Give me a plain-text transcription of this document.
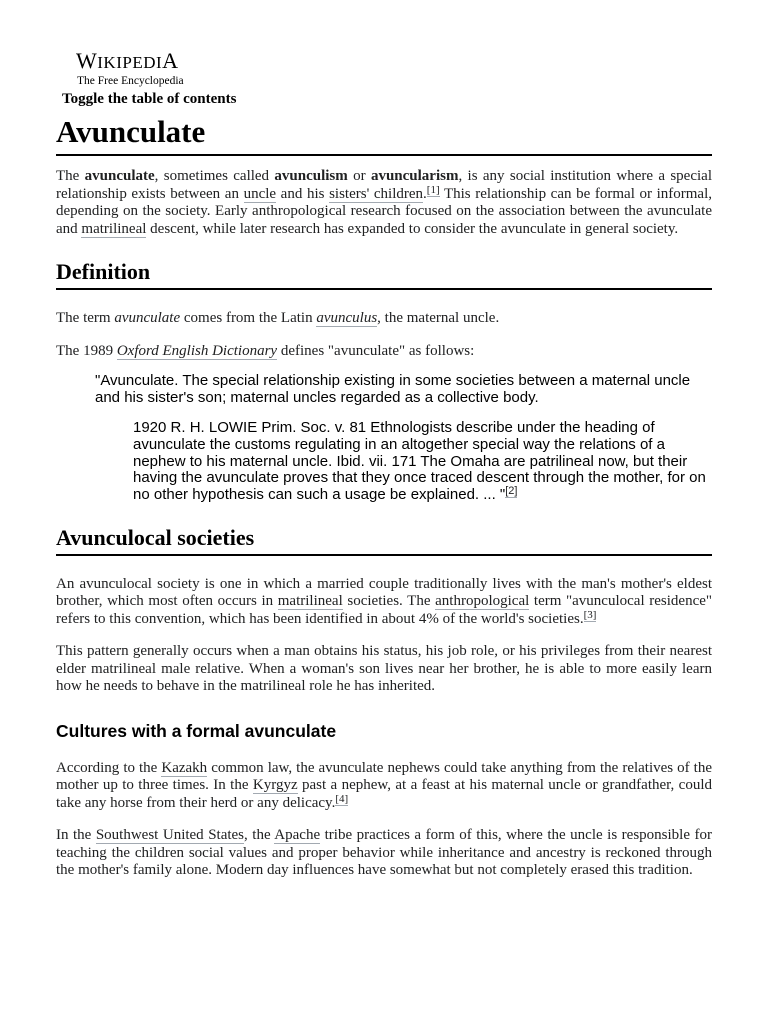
WIKIPEDIA
The Free Encyclopedia
Toggle the table of contents
Avunculate

The avunculate, sometimes called avunculism or avuncularism, is any social institution where a special relationship exists between an uncle and his sisters' children.[1] This relationship can be formal or informal, depending on the society. Early anthropological research focused on the association between the avunculate and matrilineal descent, while later research has expanded to consider the avunculate in general society.

Definition

The term avunculate comes from the Latin avunculus, the maternal uncle.

The 1989 Oxford English Dictionary defines "avunculate" as follows:

"Avunculate. The special relationship existing in some societies between a maternal uncle and his sister's son; maternal uncles regarded as a collective body.
1920 R. H. LOWIE Prim. Soc. v. 81 Ethnologists describe under the heading of avunculate the customs regulating in an altogether special way the relations of a nephew to his maternal uncle. Ibid. vii. 171 The Omaha are patrilineal now, but their having the avunculate proves that they once traced descent through the mother, for on no other hypothesis can such a usage be explained. ... "[2]
Avunculocal societies

An avunculocal society is one in which a married couple traditionally lives with the man's mother's eldest brother, which most often occurs in matrilineal societies. The anthropological term "avunculocal residence" refers to this convention, which has been identified in about 4% of the world's societies.[3]

This pattern generally occurs when a man obtains his status, his job role, or his privileges from their nearest elder matrilineal male relative. When a woman's son lives near her brother, he is able to more easily learn how he needs to behave in the matrilineal role he has inherited.

Cultures with a formal avunculate

According to the Kazakh common law, the avunculate nephews could take anything from the relatives of the mother up to three times. In the Kyrgyz past a nephew, at a feast at his maternal uncle or grandfather, could take any horse from their herd or any delicacy.[4]

In the Southwest United States, the Apache tribe practices a form of this, where the uncle is responsible for teaching the children social values and proper behavior while inheritance and ancestry is reckoned through the mother's family alone. Modern day influences have somewhat but not completely erased this tradition.
